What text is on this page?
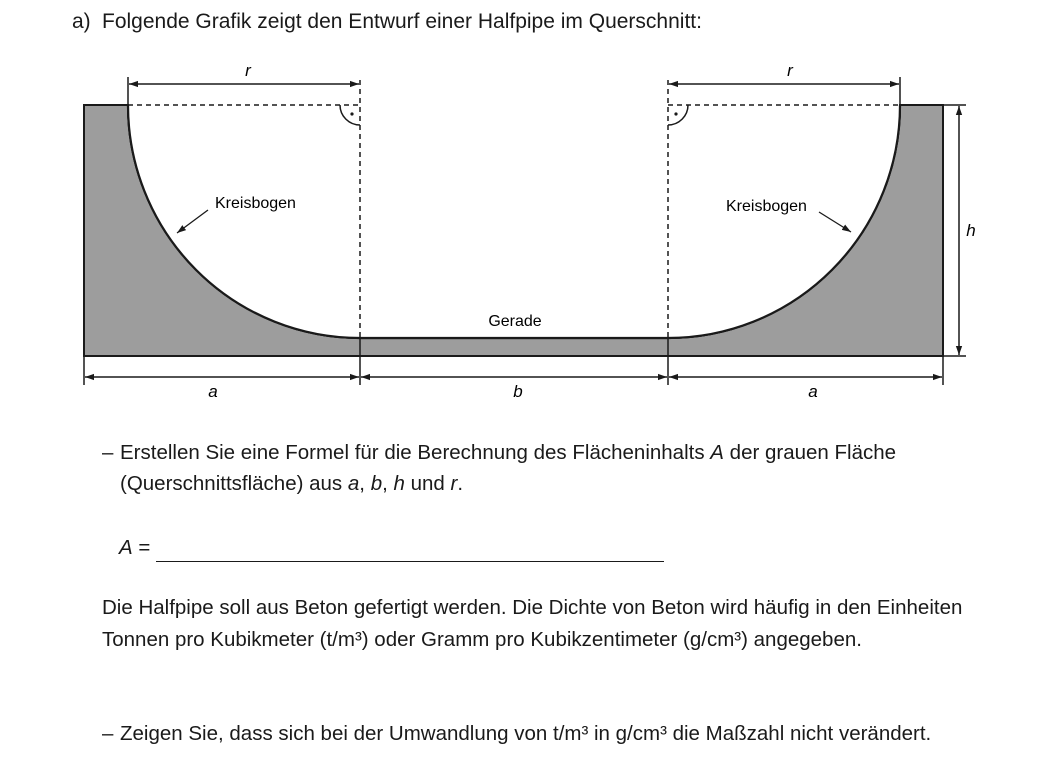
a) Folgende Grafik zeigt den Entwurf einer Halfpipe im Querschnitt:
r	r
h
Kreisbogen	Kreisbogen
Gerade
a	b	a
– Erstellen Sie eine Formel für die Berechnung des Flächeninhalts A der grauen Fläche (Querschnittsfläche) aus a, b, h und r.
A =
Die Halfpipe soll aus Beton gefertigt werden. Die Dichte von Beton wird häufig in den Einheiten Tonnen pro Kubikmeter (t/m³) oder Gramm pro Kubikzentimeter (g/cm³) angegeben.
– Zeigen Sie, dass sich bei der Umwandlung von t/m³ in g/cm³ die Maßzahl nicht verändert.
